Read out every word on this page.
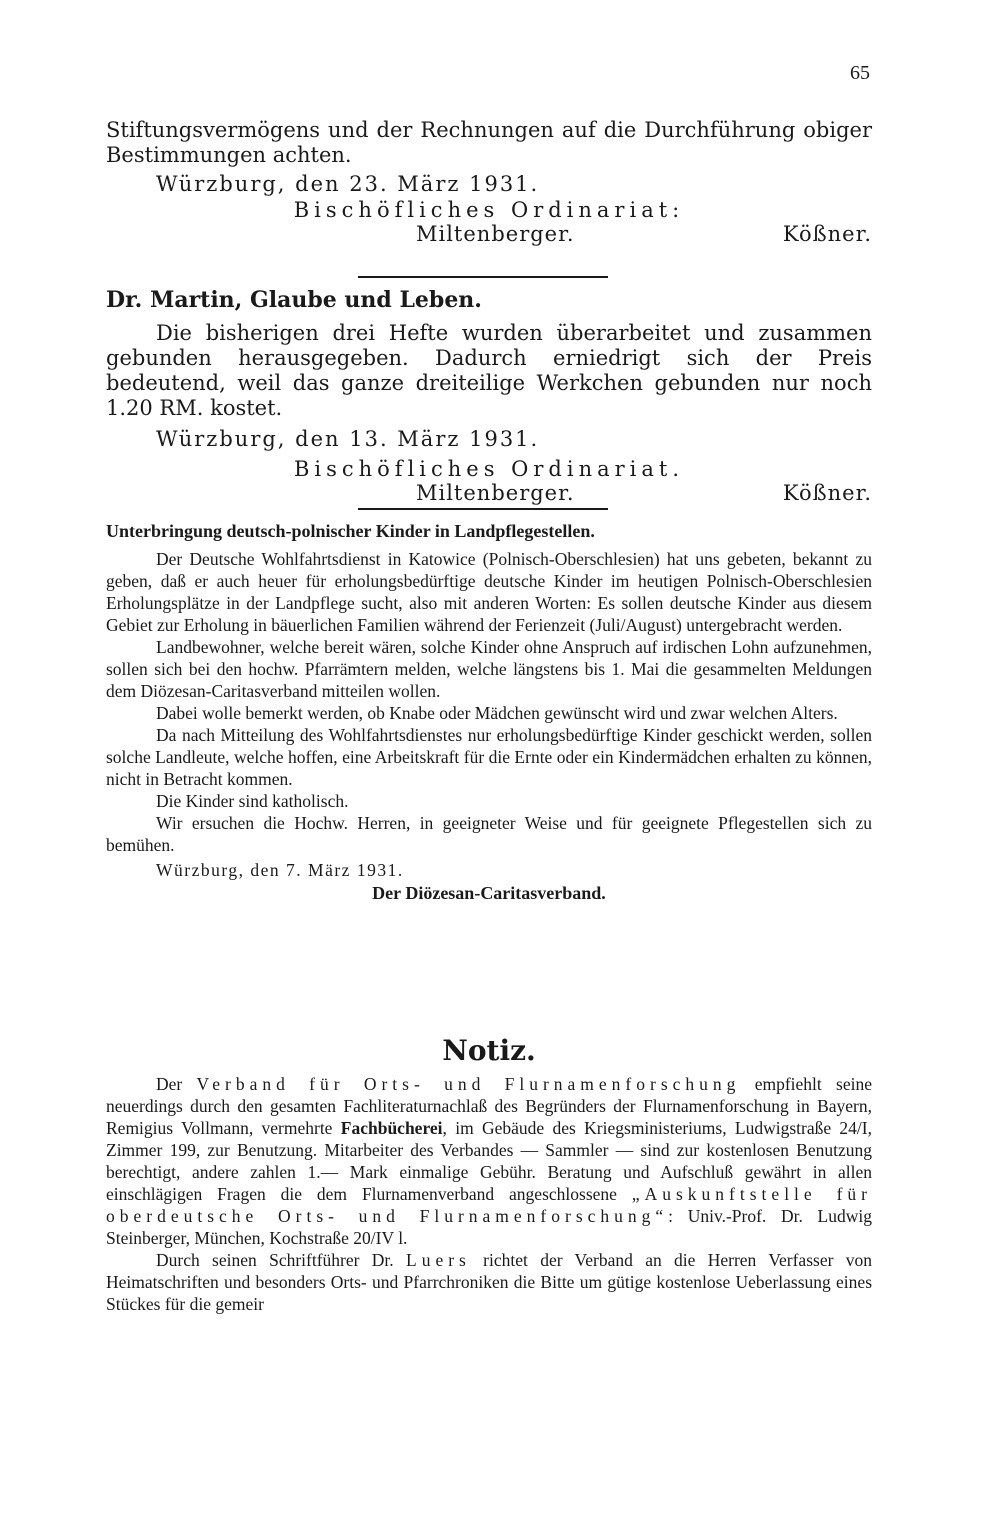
65

Stiftungsvermögens und der Rechnungen auf die Durchführung obiger Bestimmungen achten.

Würzburg, den 23. März 1931.

Bischöfliches Ordinariat:

Miltenberger.	Kößner.

Dr. Martin, Glaube und Leben.

Die bisherigen drei Hefte wurden überarbeitet und zusammen gebunden herausgegeben. Dadurch erniedrigt sich der Preis bedeutend, weil das ganze dreiteilige Werkchen gebunden nur noch 1.20 RM. kostet.

Würzburg, den 13. März 1931.

Bischöfliches Ordinariat.

Miltenberger.	Kößner.

Unterbringung deutsch-polnischer Kinder in Landpflegestellen.

Der Deutsche Wohlfahrtsdienst in Katowice (Polnisch-Oberschlesien) hat uns gebeten, bekannt zu geben, daß er auch heuer für erholungsbedürftige deutsche Kinder im heutigen Polnisch-Oberschlesien Erholungsplätze in der Landpflege sucht, also mit anderen Worten: Es sollen deutsche Kinder aus diesem Gebiet zur Erholung in bäuerlichen Familien während der Ferienzeit (Juli/August) untergebracht werden.

Landbewohner, welche bereit wären, solche Kinder ohne Anspruch auf irdischen Lohn aufzunehmen, sollen sich bei den hochw. Pfarrämtern melden, welche längstens bis 1. Mai die gesammelten Meldungen dem Diözesan-Caritasverband mitteilen wollen.

Dabei wolle bemerkt werden, ob Knabe oder Mädchen gewünscht wird und zwar welchen Alters.

Da nach Mitteilung des Wohlfahrtsdienstes nur erholungsbedürftige Kinder geschickt werden, sollen solche Landleute, welche hoffen, eine Arbeitskraft für die Ernte oder ein Kindermädchen erhalten zu können, nicht in Betracht kommen.

Die Kinder sind katholisch.

Wir ersuchen die Hochw. Herren, in geeigneter Weise und für geeignete Pflegestellen sich zu bemühen.

Würzburg, den 7. März 1931.

Der Diözesan-Caritasverband.

Notiz.

Der Verband für Orts- und Flurnamenforschung empfiehlt seine neuerdings durch den gesamten Fachliteraturnachlaß des Begründers der Flurnamenforschung in Bayern, Remigius Vollmann, vermehrte Fachbücherei, im Gebäude des Kriegsministeriums, Ludwigstraße 24/I, Zimmer 199, zur Benutzung. Mitarbeiter des Verbandes — Sammler — sind zur kostenlosen Benutzung berechtigt, andere zahlen 1.— Mark einmalige Gebühr. Beratung und Aufschluß gewährt in allen einschlägigen Fragen die dem Flurnamenverband angeschlossene „Auskunftstelle für oberdeutsche Orts- und Flurnamenforschung“: Univ.-Prof. Dr. Ludwig Steinberger, München, Kochstraße 20/IV l.

Durch seinen Schriftführer Dr. Luers richtet der Verband an die Herren Verfasser von Heimatschriften und besonders Orts- und Pfarrchroniken die Bitte um gütige kostenlose Ueberlassung eines Stückes für die gemeir
